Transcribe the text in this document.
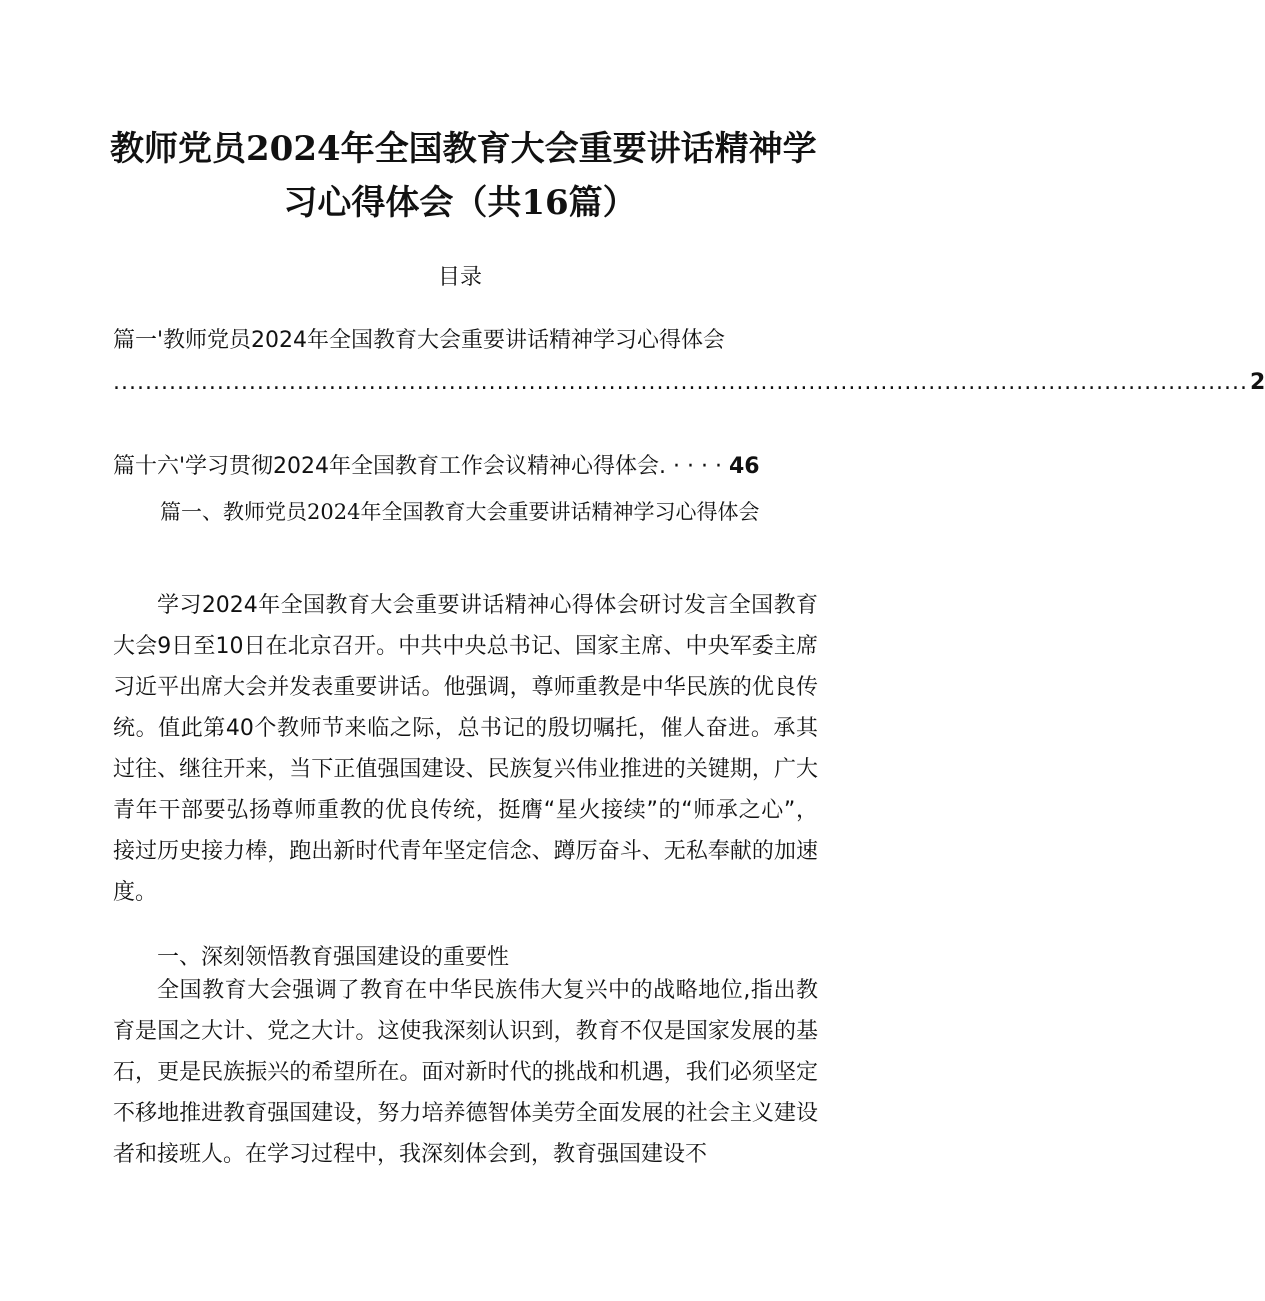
教师党员2024年全国教育大会重要讲话精神学
习心得体会（共16篇）
目录
篇一'教师党员2024年全国教育大会重要讲话精神学习心得体会
.............................................................................................................................................. 2
篇十六'学习贯彻2024年全国教育工作会议精神心得体会. · · · · 46
篇一、教师党员2024年全国教育大会重要讲话精神学习心得体会

学习2024年全国教育大会重要讲话精神心得体会研讨发言全国教育大会9日至10日在北京召开。中共中央总书记、国家主席、中央军委主席习近平出席大会并发表重要讲话。他强调，尊师重教是中华民族的优良传统。值此第40个教师节来临之际，总书记的殷切嘱托，催人奋进。承其过往、继往开来，当下正值强国建设、民族复兴伟业推进的关键期，广大青年干部要弘扬尊师重教的优良传统，挺膺“星火接续”的“师承之心”，接过历史接力棒，跑出新时代青年坚定信念、蹲厉奋斗、无私奉献的加速度。

一、深刻领悟教育强国建设的重要性

全国教育大会强调了教育在中华民族伟大复兴中的战略地位,指出教育是国之大计、党之大计。这使我深刻认识到，教育不仅是国家发展的基石，更是民族振兴的希望所在。面对新时代的挑战和机遇，我们必须坚定不移地推进教育强国建设，努力培养德智体美劳全面发展的社会主义建设者和接班人。在学习过程中，我深刻体会到，教育强国建设不
